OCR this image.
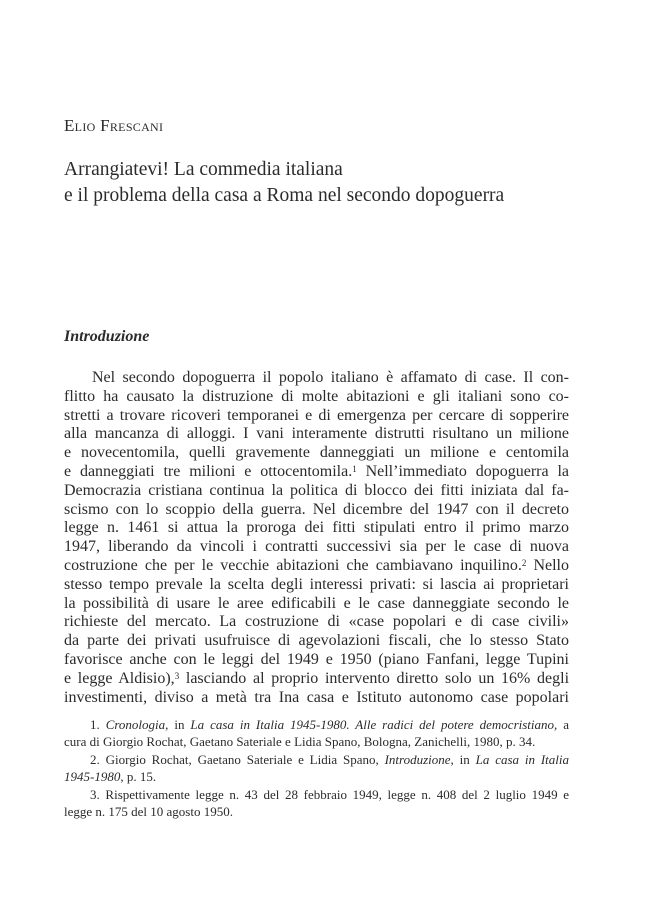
Elio Frescani

Arrangiatevi! La commedia italiana
e il problema della casa a Roma nel secondo dopoguerra
Introduzione
Nel secondo dopoguerra il popolo italiano è affamato di case. Il con-
flitto ha causato la distruzione di molte abitazioni e gli italiani sono co-
stretti a trovare ricoveri temporanei e di emergenza per cercare di sopperire
alla mancanza di alloggi. I vani interamente distrutti risultano un milione
e novecentomila, quelli gravemente danneggiati un milione e centomila
e danneggiati tre milioni e ottocentomila.$^1$ Nell’immediato dopoguerra la
Democrazia cristiana continua la politica di blocco dei fitti iniziata dal fa-
scismo con lo scoppio della guerra. Nel dicembre del 1947 con il decreto
legge n. 1461 si attua la proroga dei fitti stipulati entro il primo marzo
1947, liberando da vincoli i contratti successivi sia per le case di nuova
costruzione che per le vecchie abitazioni che cambiavano inquilino.$^2$ Nello
stesso tempo prevale la scelta degli interessi privati: si lascia ai proprietari
la possibilità di usare le aree edificabili e le case danneggiate secondo le
richieste del mercato. La costruzione di «case popolari e di case civili»
da parte dei privati usufruisce di agevolazioni fiscali, che lo stesso Stato
favorisce anche con le leggi del 1949 e 1950 (piano Fanfani, legge Tupini
e legge Aldisio),$^3$ lasciando al proprio intervento diretto solo un 16% degli
investimenti, diviso a metà tra Ina casa e Istituto autonomo case popolari
1. Cronologia, in La casa in Italia 1945-1980. Alle radici del potere democristiano, a
cura di Giorgio Rochat, Gaetano Sateriale e Lidia Spano, Bologna, Zanichelli, 1980, p. 34.
2. Giorgio Rochat, Gaetano Sateriale e Lidia Spano, Introduzione, in La casa in Italia
1945-1980, p. 15.
3. Rispettivamente legge n. 43 del 28 febbraio 1949, legge n. 408 del 2 luglio 1949 e
legge n. 175 del 10 agosto 1950.
